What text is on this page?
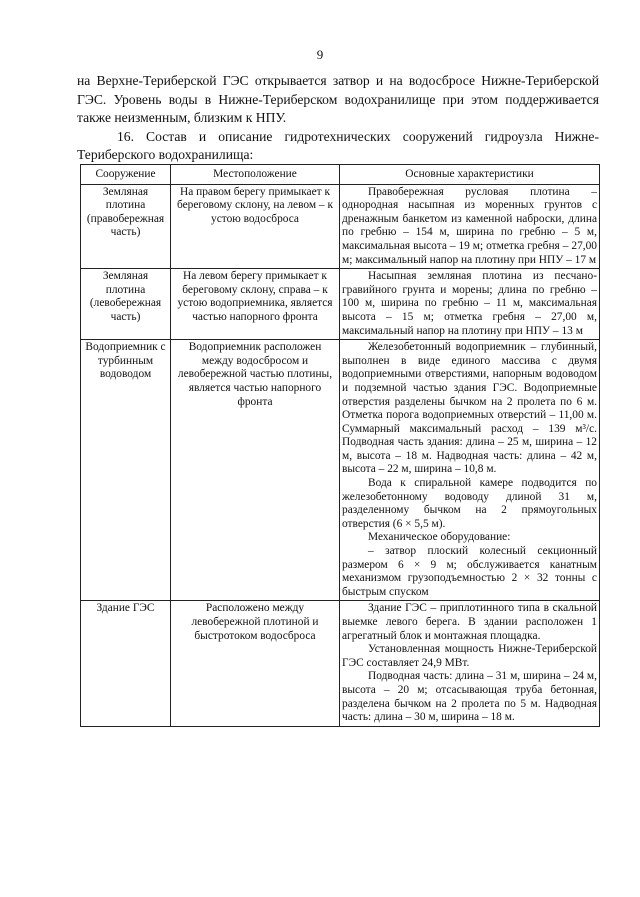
9

на Верхне-Териберской ГЭС открывается затвор и на водосбросе Нижне-Териберской ГЭС. Уровень воды в Нижне-Териберском водохранилище при этом поддерживается также неизменным, близким к НПУ.

16. Состав и описание гидротехнических сооружений гидроузла Нижне-Териберского водохранилища:

Сооружение	Местоположение	Основные характеристики
Земляная плотина (правобережная часть)	На правом берегу примыкает к береговому склону, на левом – к устою водосброса	Правобережная русловая плотина – однородная насыпная из моренных грунтов с дренажным банкетом из каменной наброски, длина по гребню – 154 м, ширина по гребню – 5 м, максимальная высота – 19 м; отметка гребня – 27,00 м; максимальный напор на плотину при НПУ – 17 м

Земляная плотина (левобережная часть)	На левом берегу примыкает к береговому склону, справа – к устою водоприемника, является частью напорного фронта	Насыпная земляная плотина из песчано-гравийного грунта и морены; длина по гребню – 100 м, ширина по гребню – 11 м, максимальная высота – 15 м; отметка гребня – 27,00 м, максимальный напор на плотину при НПУ – 13 м

Водоприемник с турбинным водоводом	Водоприемник расположен между водосбросом и левобережной частью плотины, является частью напорного фронта	Железобетонный водоприемник – глубинный, выполнен в виде единого массива с двумя водоприемными отверстиями, напорным водоводом и подземной частью здания ГЭС. Водоприемные отверстия разделены бычком на 2 пролета по 6 м. Отметка порога водоприемных отверстий – 11,00 м. Суммарный максимальный расход – 139 м³/с. Подводная часть здания: длина – 25 м, ширина – 12 м, высота – 18 м. Надводная часть: длина – 42 м, высота – 22 м, ширина – 10,8 м.

Вода к спиральной камере подводится по железобетонному водоводу длиной 31 м, разделенному бычком на 2 прямоугольных отверстия (6 × 5,5 м).

Механическое оборудование:

– затвор плоский колесный секционный размером 6 × 9 м; обслуживается канатным механизмом грузоподъемностью 2 × 32 тонны с быстрым спуском

Здание ГЭС	Расположено между левобережной плотиной и быстротоком водосброса	Здание ГЭС – приплотинного типа в скальной выемке левого берега. В здании расположен 1 агрегатный блок и монтажная площадка.

Установленная мощность Нижне-Териберской ГЭС составляет 24,9 МВт.

Подводная часть: длина – 31 м, ширина – 24 м, высота – 20 м; отсасывающая труба бетонная, разделена бычком на 2 пролета по 5 м. Надводная часть: длина – 30 м, ширина – 18 м.
